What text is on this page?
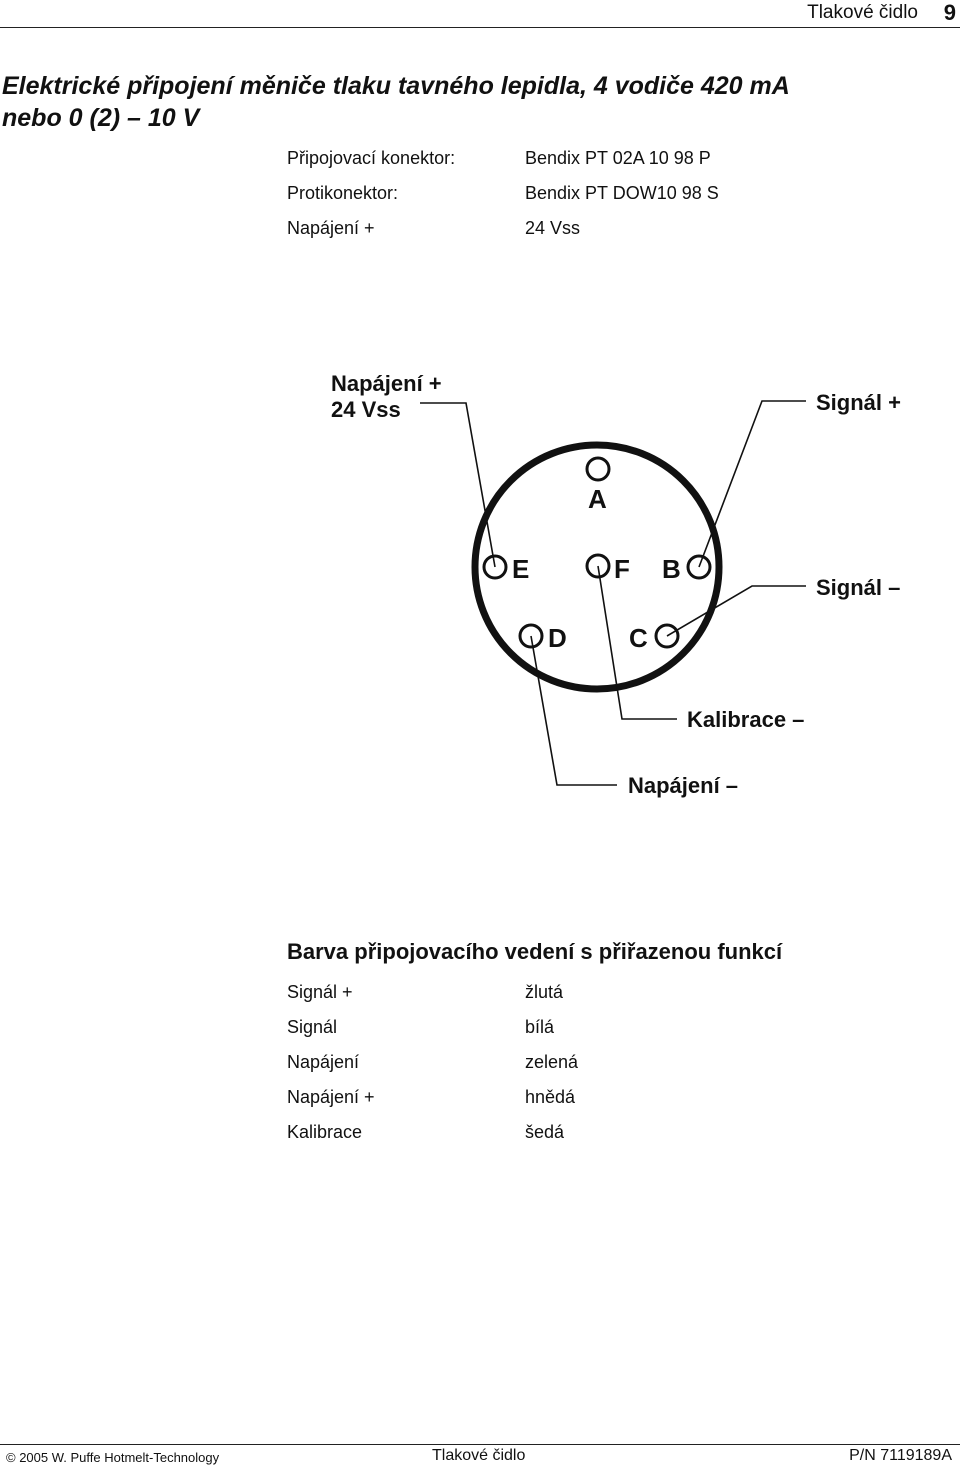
Tlakové čidlo 9
Elektrické připojení měniče tlaku tavného lepidla, 4 vodiče 420 mA
nebo 0 (2) – 10 V
Připojovací konektor:	Bendix PT 02A 10 98 P
Protikonektor:	Bendix PT DOW10 98 S
Napájení +	24 Vss
A
B
C
D
E	F
Napájení +
24 Vss	Signál +
Signál –
Kalibrace –
Napájení –
Barva připojovacího vedení s přiřazenou funkcí
Signál +	žlutá
Signál	bílá
Napájení	zelená
Napájení +	hnědá
Kalibrace	šedá
© 2005 W. Puffe Hotmelt-Technology	Tlakové čidlo	P/N 7119189A
